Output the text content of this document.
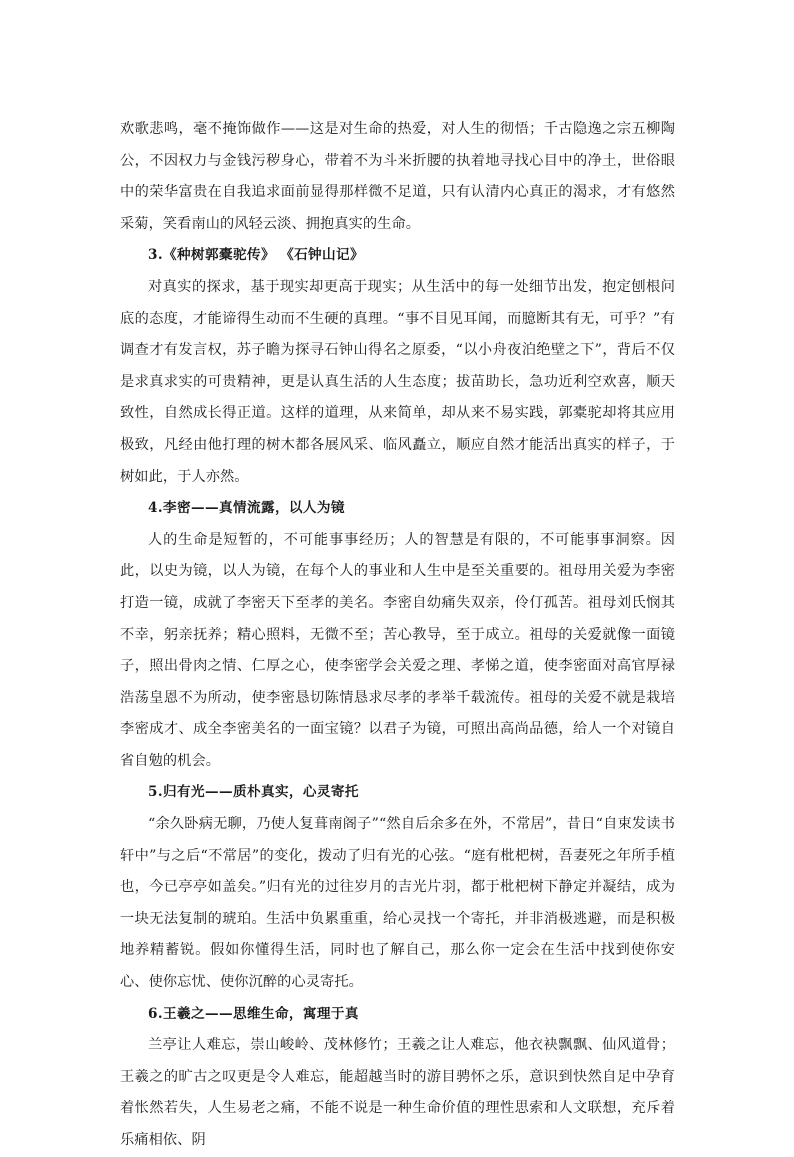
欢歌悲鸣，毫不掩饰做作——这是对生命的热爱，对人生的彻悟；千古隐逸之宗五柳陶公，不因权力与金钱污秽身心，带着不为斗米折腰的执着地寻找心目中的净土，世俗眼中的荣华富贵在自我追求面前显得那样微不足道，只有认清内心真正的渴求，才有悠然采菊，笑看南山的风轻云淡、拥抱真实的生命。

3.《种树郭橐驼传》 《石钟山记》

对真实的探求，基于现实却更高于现实；从生活中的每一处细节出发，抱定刨根问底的态度，才能谛得生动而不生硬的真理。“事不目见耳闻，而臆断其有无，可乎？”有调查才有发言权，苏子瞻为探寻石钟山得名之原委，“以小舟夜泊绝壁之下”，背后不仅是求真求实的可贵精神，更是认真生活的人生态度；拔苗助长，急功近利空欢喜，顺天致性，自然成长得正道。这样的道理，从来简单，却从来不易实践，郭橐驼却将其应用极致，凡经由他打理的树木都各展风采、临风矗立，顺应自然才能活出真实的样子，于树如此，于人亦然。

4.李密——真情流露，以人为镜

人的生命是短暂的，不可能事事经历；人的智慧是有限的，不可能事事洞察。因此，以史为镜，以人为镜，在每个人的事业和人生中是至关重要的。祖母用关爱为李密打造一镜，成就了李密天下至孝的美名。李密自幼痛失双亲，伶仃孤苦。祖母刘氏悯其不幸，躬亲抚养；精心照料，无微不至；苦心教导，至于成立。祖母的关爱就像一面镜子，照出骨肉之情、仁厚之心，使李密学会关爱之理、孝悌之道，使李密面对高官厚禄浩荡皇恩不为所动，使李密恳切陈情恳求尽孝的孝举千载流传。祖母的关爱不就是栽培李密成才、成全李密美名的一面宝镜？以君子为镜，可照出高尚品德，给人一个对镜自省自勉的机会。

5.归有光——质朴真实，心灵寄托

“余久卧病无聊，乃使人复葺南阁子”“然自后余多在外，不常居”，昔日“自束发读书轩中”与之后“不常居”的变化，拨动了归有光的心弦。“庭有枇杷树，吾妻死之年所手植也，今已亭亭如盖矣。”归有光的过往岁月的吉光片羽，都于枇杷树下静定并凝结，成为一块无法复制的琥珀。生活中负累重重，给心灵找一个寄托，并非消极逃避，而是积极地养精蓄锐。假如你懂得生活，同时也了解自己，那么你一定会在生活中找到使你安心、使你忘忧、使你沉醉的心灵寄托。

6.王羲之——思维生命，寓理于真

兰亭让人难忘，崇山峻岭、茂林修竹；王羲之让人难忘，他衣袂飘飘、仙风道骨；王羲之的旷古之叹更是令人难忘，能超越当时的游目骋怀之乐，意识到快然自足中孕育着怅然若失，人生易老之痛，不能不说是一种生命价值的理性思索和人文联想，充斥着乐痛相依、阴
